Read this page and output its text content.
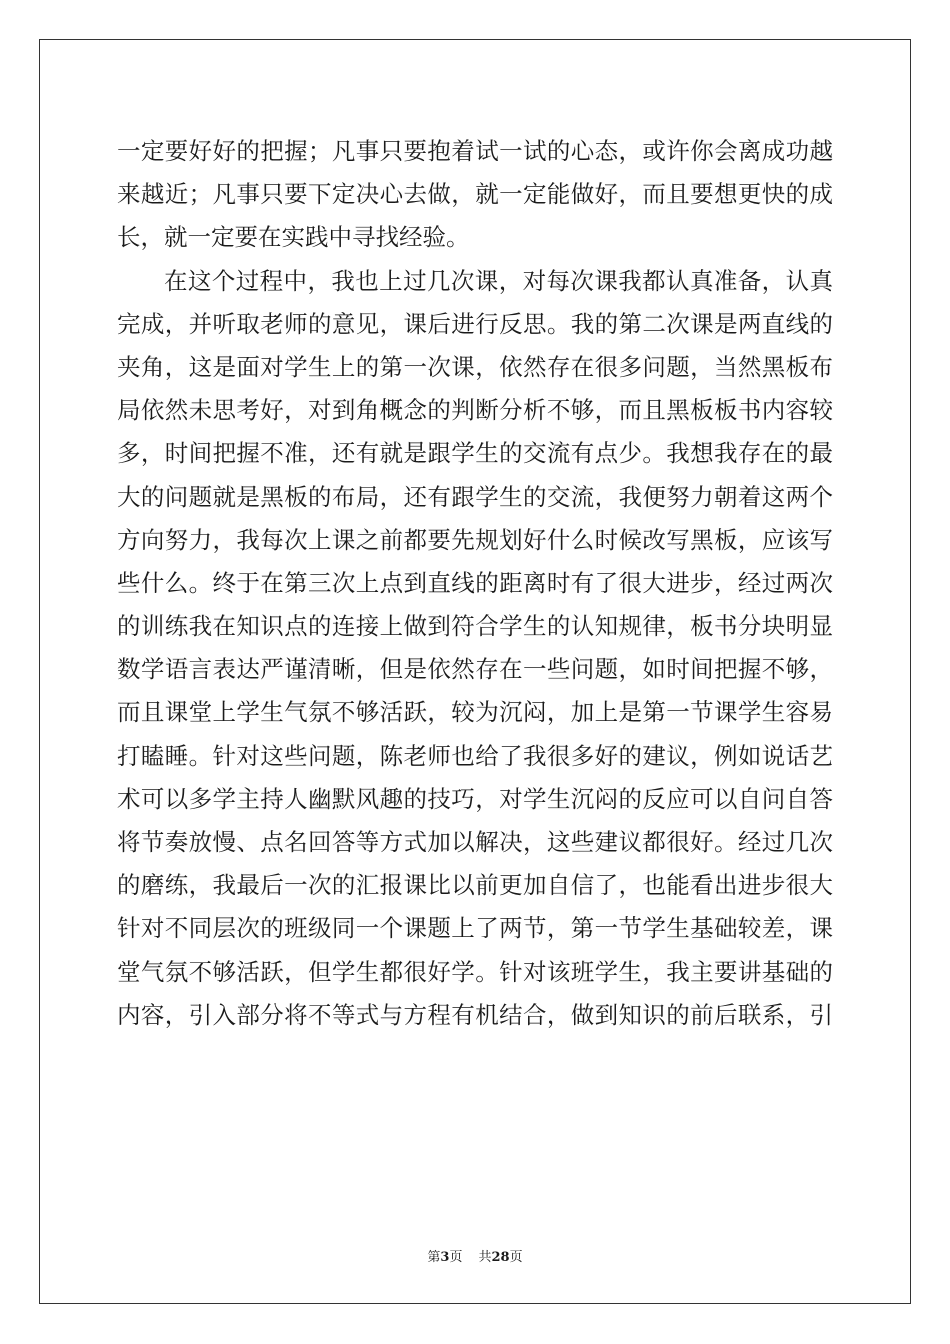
一定要好好的把握；凡事只要抱着试一试的心态，或许你会离成功越
来越近；凡事只要下定决心去做，就一定能做好，而且要想更快的成
长，就一定要在实践中寻找经验。
在这个过程中，我也上过几次课，对每次课我都认真准备，认真
完成，并听取老师的意见，课后进行反思。我的第二次课是两直线的
夹角，这是面对学生上的第一次课，依然存在很多问题，当然黑板布
局依然未思考好，对到角概念的判断分析不够，而且黑板板书内容较
多，时间把握不准，还有就是跟学生的交流有点少。我想我存在的最
大的问题就是黑板的布局，还有跟学生的交流，我便努力朝着这两个
方向努力，我每次上课之前都要先规划好什么时候改写黑板，应该写
些什么。终于在第三次上点到直线的距离时有了很大进步，经过两次
的训练我在知识点的连接上做到符合学生的认知规律，板书分块明显
数学语言表达严谨清晰，但是依然存在一些问题，如时间把握不够，
而且课堂上学生气氛不够活跃，较为沉闷，加上是第一节课学生容易
打瞌睡。针对这些问题，陈老师也给了我很多好的建议，例如说话艺
术可以多学主持人幽默风趣的技巧，对学生沉闷的反应可以自问自答
将节奏放慢、点名回答等方式加以解决，这些建议都很好。经过几次
的磨练，我最后一次的汇报课比以前更加自信了，也能看出进步很大
针对不同层次的班级同一个课题上了两节，第一节学生基础较差，课
堂气氛不够活跃，但学生都很好学。针对该班学生，我主要讲基础的
内容，引入部分将不等式与方程有机结合，做到知识的前后联系，引
第3页 共28页
